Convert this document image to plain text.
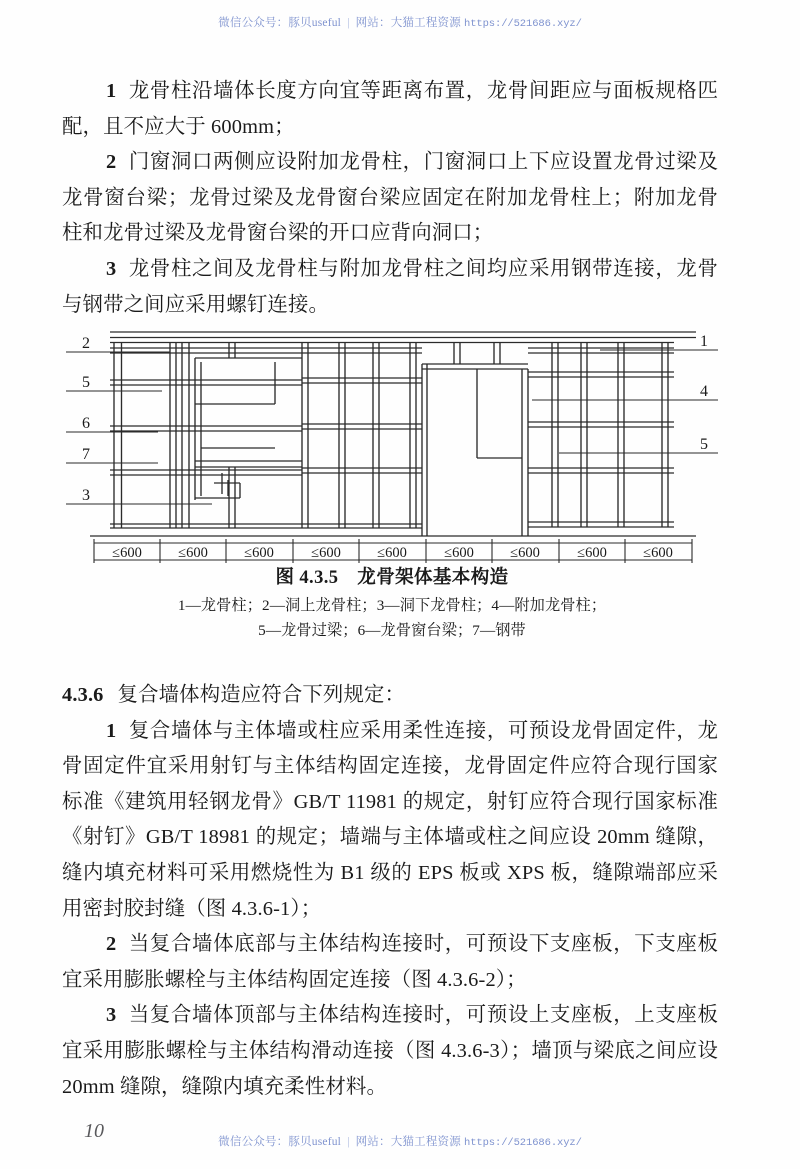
微信公众号：豚贝useful | 网站：大猫工程资源 https://521686.xyz/

1 龙骨柱沿墙体长度方向宜等距离布置，龙骨间距应与面板规格匹配，且不应大于 600mm；

2 门窗洞口两侧应设附加龙骨柱，门窗洞口上下应设置龙骨过梁及龙骨窗台梁；龙骨过梁及龙骨窗台梁应固定在附加龙骨柱上；附加龙骨柱和龙骨过梁及龙骨窗台梁的开口应背向洞口；

3 龙骨柱之间及龙骨柱与附加龙骨柱之间均应采用钢带连接，龙骨与钢带之间应采用螺钉连接。

2
5
6
7
3
1
4
5
≤600	≤600	≤600	≤600	≤600	≤600	≤600	≤600	≤600

图 4.3.5　龙骨架体基本构造

1—龙骨柱；2—洞上龙骨柱；3—洞下龙骨柱；4—附加龙骨柱；

5—龙骨过梁；6—龙骨窗台梁；7—钢带

4.3.6 复合墙体构造应符合下列规定：

1 复合墙体与主体墙或柱应采用柔性连接，可预设龙骨固定件，龙骨固定件宜采用射钉与主体结构固定连接，龙骨固定件应符合现行国家标准《建筑用轻钢龙骨》GB/T 11981 的规定，射钉应符合现行国家标准《射钉》GB/T 18981 的规定；墙端与主体墙或柱之间应设 20mm 缝隙，缝内填充材料可采用燃烧性为 B1 级的 EPS 板或 XPS 板，缝隙端部应采用密封胶封缝（图 4.3.6-1）；

2 当复合墙体底部与主体结构连接时，可预设下支座板，下支座板宜采用膨胀螺栓与主体结构固定连接（图 4.3.6-2）；

3 当复合墙体顶部与主体结构连接时，可预设上支座板，上支座板宜采用膨胀螺栓与主体结构滑动连接（图 4.3.6-3）；墙顶与梁底之间应设 20mm 缝隙，缝隙内填充柔性材料。

10	微信公众号：豚贝useful | 网站：大猫工程资源 https://521686.xyz/
